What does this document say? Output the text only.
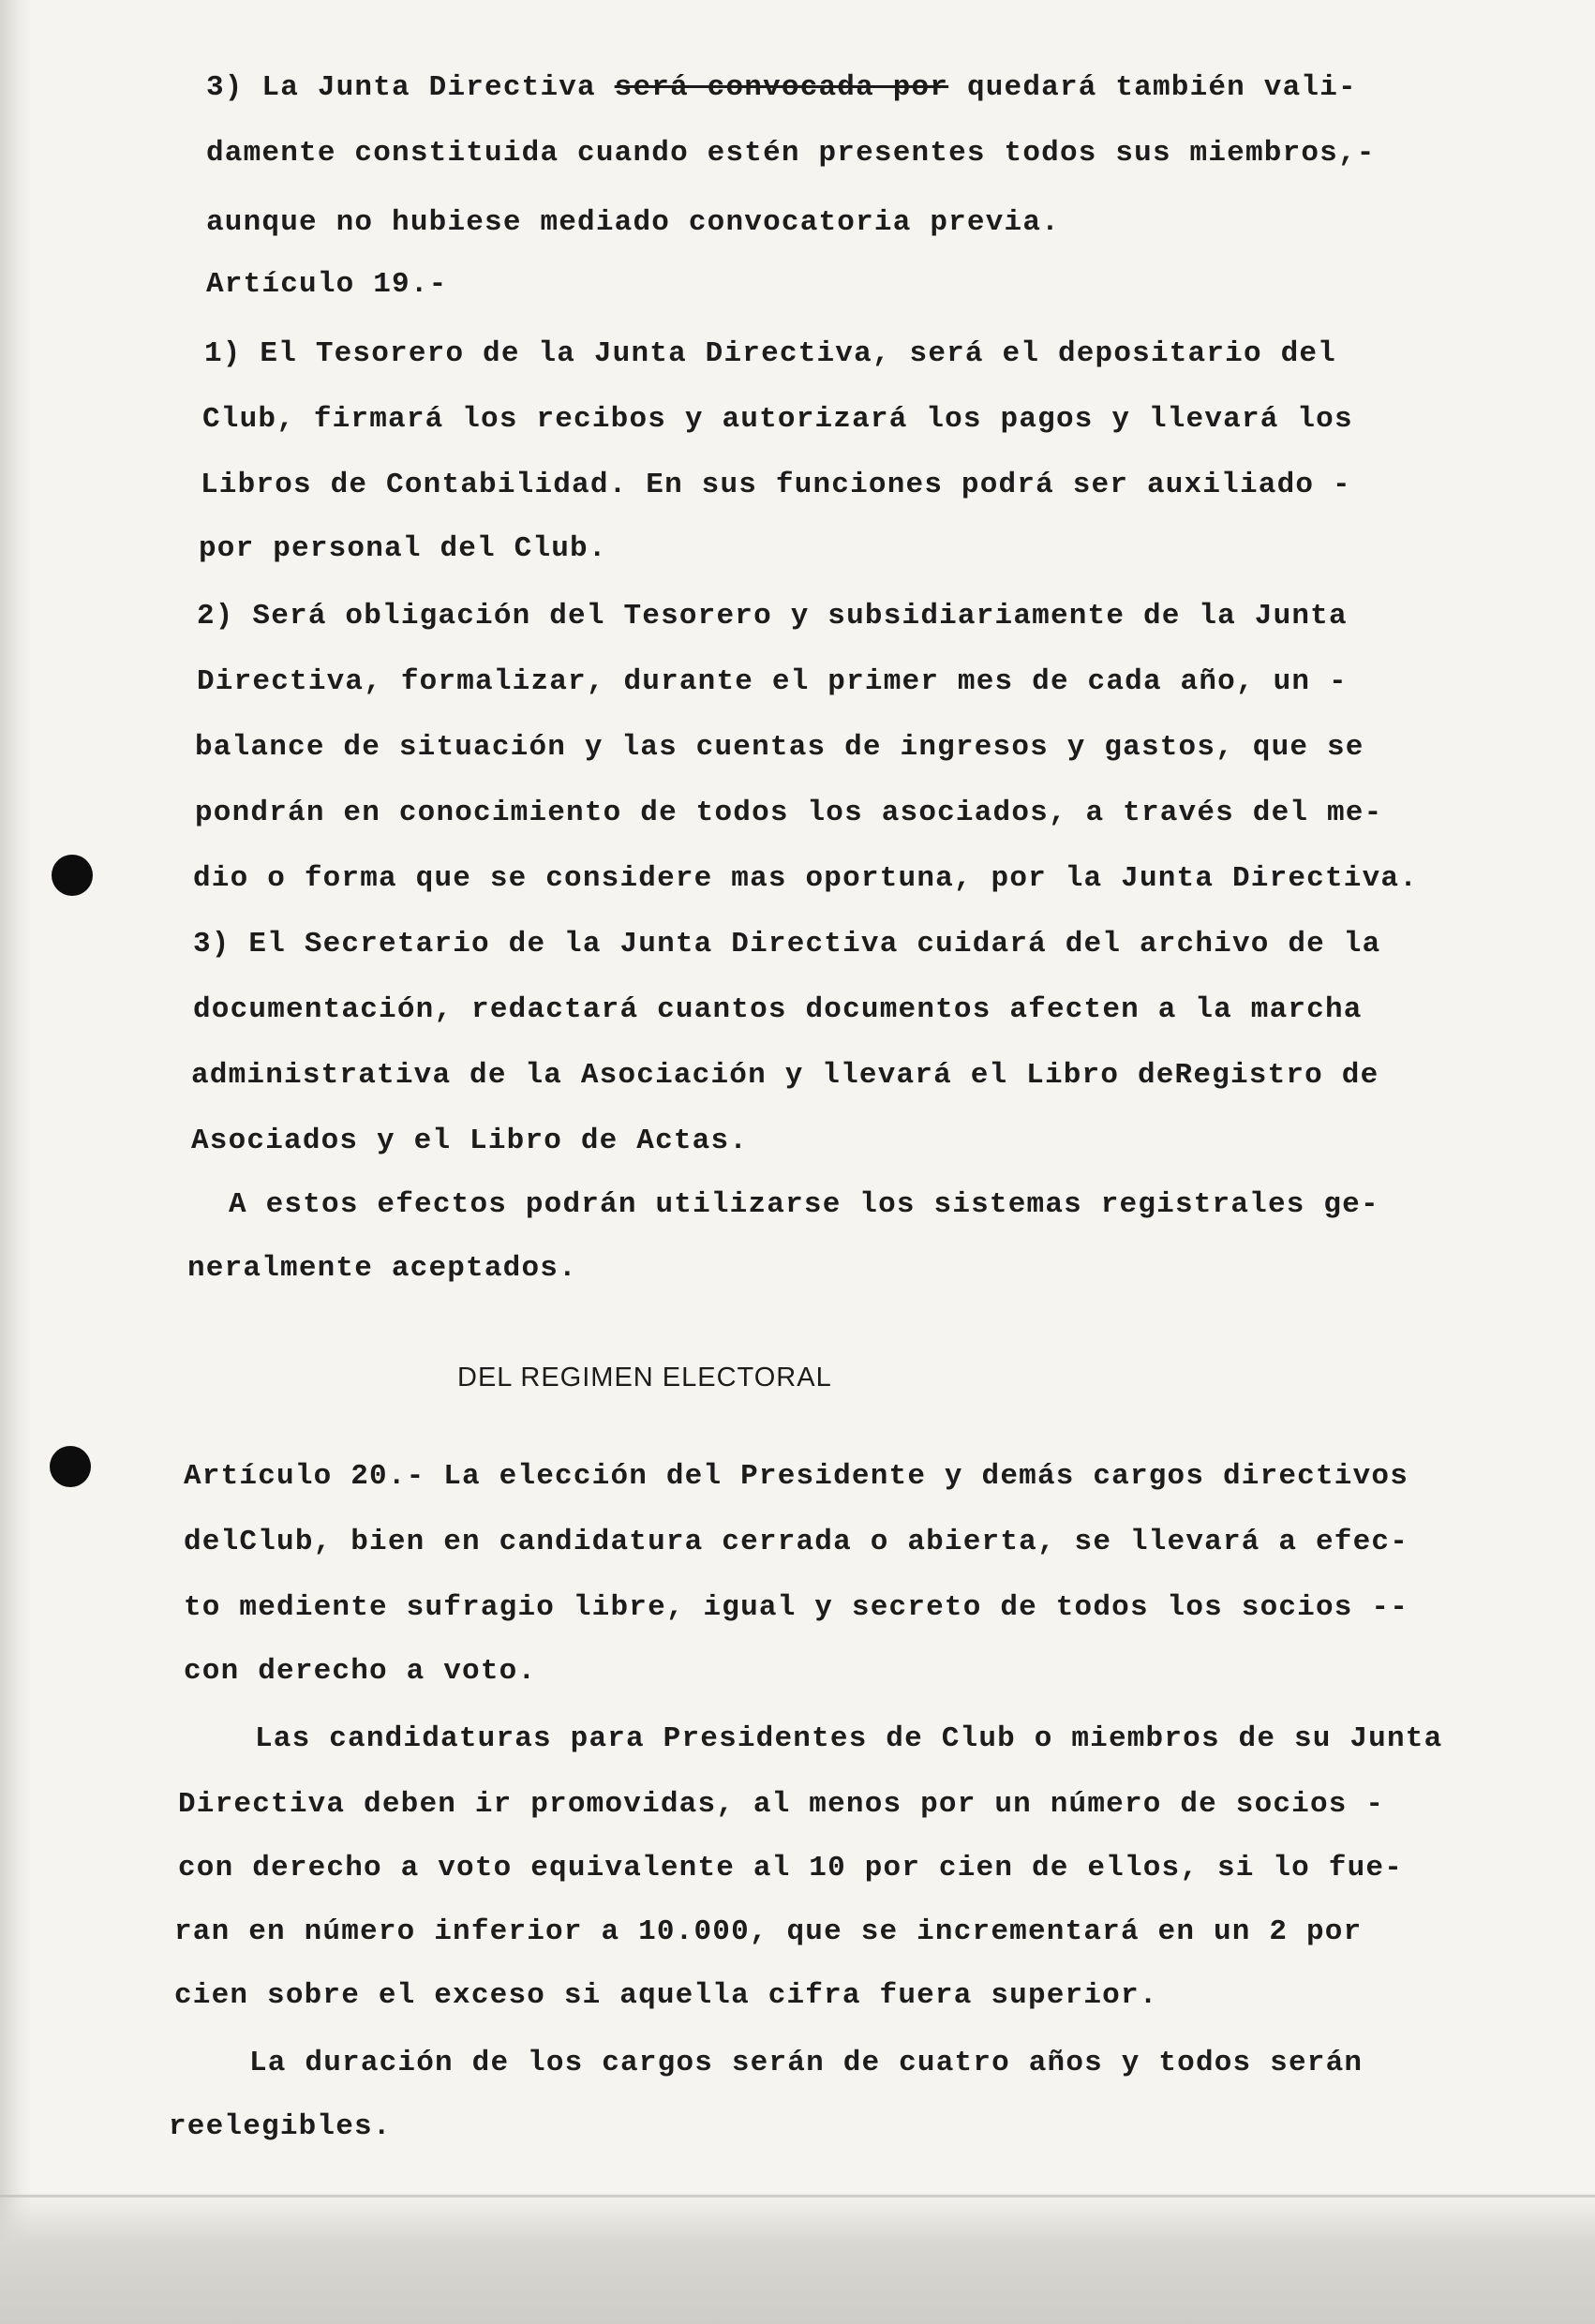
3) La Junta Directiva será convocada por quedará también vali-
damente constituida cuando estén presentes todos sus miembros,-
aunque no hubiese mediado convocatoria previa.
Artículo 19.-
1) El Tesorero de la Junta Directiva, será el depositario del
Club, firmará los recibos y autorizará los pagos y llevará los
Libros de Contabilidad. En sus funciones podrá ser auxiliado -
por personal del Club.
2) Será obligación del Tesorero y subsidiariamente de la Junta
Directiva, formalizar, durante el primer mes de cada año, un -
balance de situación y las cuentas de ingresos y gastos, que se
pondrán en conocimiento de todos los asociados, a través del me-
dio o forma que se considere mas oportuna, por la Junta Directiva.
3) El Secretario de la Junta Directiva cuidará del archivo de la
documentación, redactará cuantos documentos afecten a la marcha
administrativa de la Asociación y llevará el Libro deRegistro de
Asociados y el Libro de Actas.
A estos efectos podrán utilizarse los sistemas registrales ge-
neralmente aceptados.
DEL REGIMEN ELECTORAL
Artículo 20.- La elección del Presidente y demás cargos directivos
delClub, bien en candidatura cerrada o abierta, se llevará a efec-
to mediente sufragio libre, igual y secreto de todos los socios --
con derecho a voto.
Las candidaturas para Presidentes de Club o miembros de su Junta
Directiva deben ir promovidas, al menos por un número de socios -
con derecho a voto equivalente al 10 por cien de ellos, si lo fue-
ran en número inferior a 10.000, que se incrementará en un 2 por
cien sobre el exceso si aquella cifra fuera superior.
La duración de los cargos serán de cuatro años y todos serán
reelegibles.
